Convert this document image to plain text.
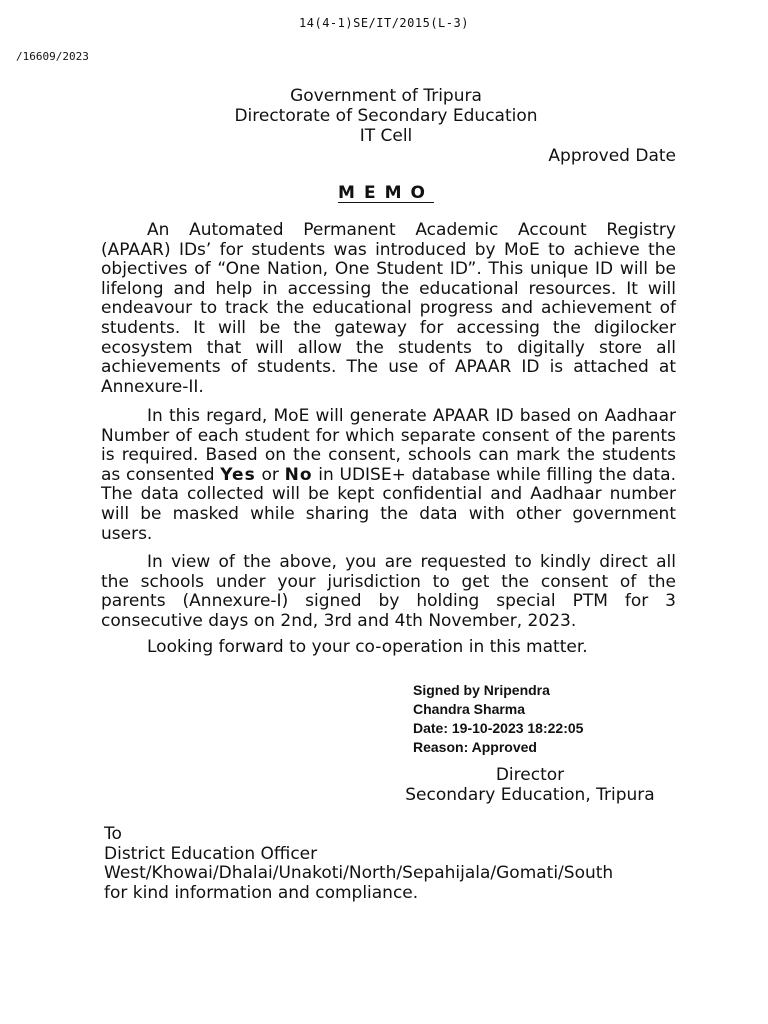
14(4-1)SE/IT/2015(L-3)
/16609/2023
Government of Tripura
Directorate of Secondary Education
IT Cell
Approved Date
MEMO

An Automated Permanent Academic Account Registry (APAAR) IDs’ for students was introduced by MoE to achieve the objectives of “One Nation, One Student ID”. This unique ID will be lifelong and help in accessing the educational resources. It will endeavour to track the educational progress and achievement of students. It will be the gateway for accessing the digilocker ecosystem that will allow the students to digitally store all achievements of students. The use of APAAR ID is attached at Annexure-II.

In this regard, MoE will generate APAAR ID based on Aadhaar Number of each student for which separate consent of the parents is required. Based on the consent, schools can mark the students as consented Yes or No in UDISE+ database while filling the data. The data collected will be kept confidential and Aadhaar number will be masked while sharing the data with other government users.

In view of the above, you are requested to kindly direct all the schools under your jurisdiction to get the consent of the parents (Annexure-I) signed by holding special PTM for 3 consecutive days on 2nd, 3rd and 4th November, 2023.

Looking forward to your co-operation in this matter.

Signed by Nripendra
Chandra Sharma
Date: 19-10-2023 18:22:05
Reason: Approved
Director
Secondary Education, Tripura
To
District Education Officer
West/Khowai/Dhalai/Unakoti/North/Sepahijala/Gomati/South
for kind information and compliance.
